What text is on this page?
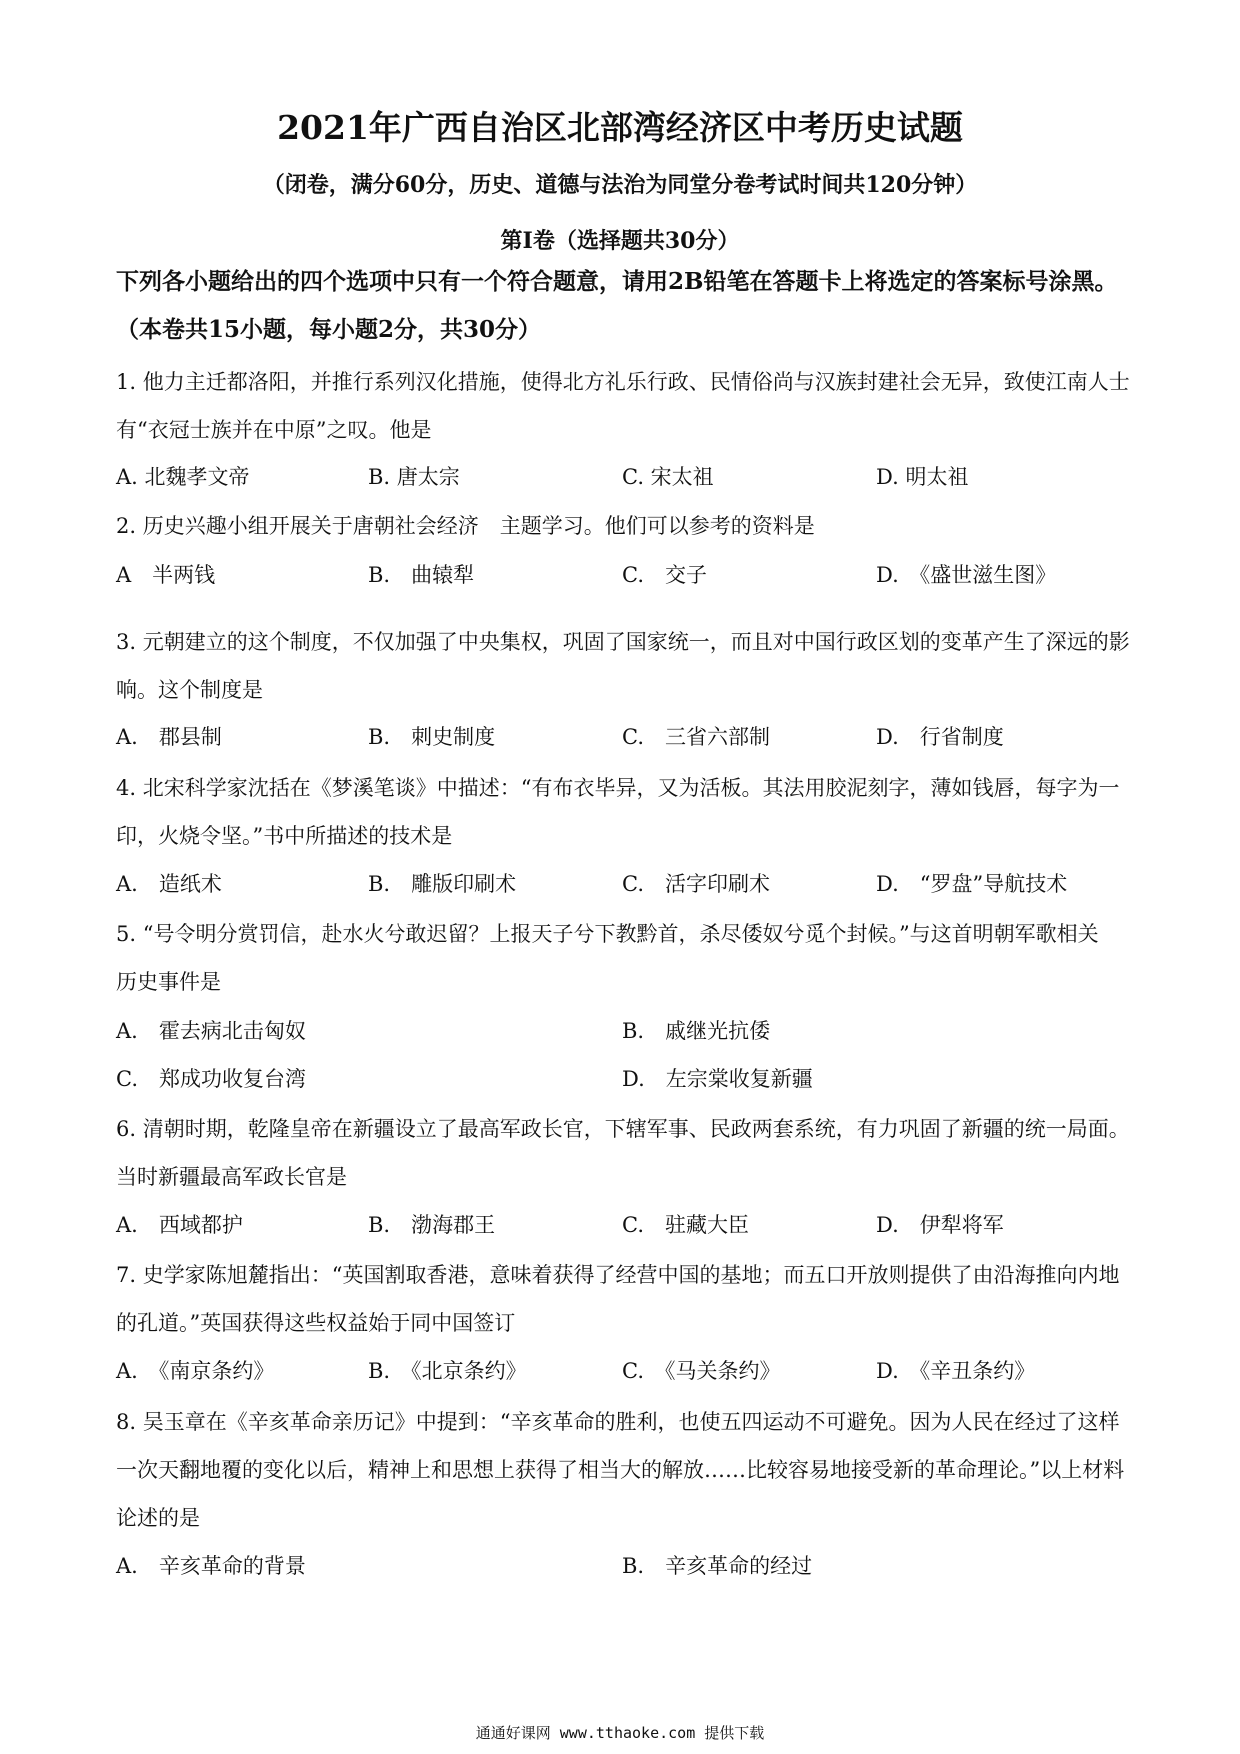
2021年广西自治区北部湾经济区中考历史试题
（闭卷，满分60分，历史、道德与法治为同堂分卷考试时间共120分钟）
第Ⅰ卷（选择题共30分）
下列各小题给出的四个选项中只有一个符合题意，请用2B铅笔在答题卡上将选定的答案标号涂黑。（本卷共15小题，每小题2分，共30分）
1. 他力主迁都洛阳，并推行系列汉化措施，使得北方礼乐行政、民情俗尚与汉族封建社会无异，致使江南人士有“衣冠士族并在中原”之叹。他是
A. 北魏孝文帝	B. 唐太宗	C. 宋太祖	D. 明太祖
2. 历史兴趣小组开展关于唐朝社会经济　主题学习。他们可以参考的资料是
A　半两钱	B.　曲辕犁	C.　交子	D.　《盛世滋生图》
3. 元朝建立的这个制度，不仅加强了中央集权，巩固了国家统一，而且对中国行政区划的变革产生了深远的影响。这个制度是
A.　郡县制	B.　刺史制度	C.　三省六部制	D.　行省制度
4. 北宋科学家沈括在《梦溪笔谈》中描述：“有布衣毕异，又为活板。其法用胶泥刻字，薄如钱唇，每字为一印，火烧令坚。”书中所描述的技术是
A.　造纸术	B.　雕版印刷术	C.　活字印刷术	D.　“罗盘”导航技术
5. “号令明分赏罚信，赴水火兮敢迟留？上报天子兮下教黔首，杀尽倭奴兮觅个封候。”与这首明朝军歌相关　历史事件是
A.　霍去病北击匈奴	B.　戚继光抗倭
C.　郑成功收复台湾	D.　左宗棠收复新疆
6. 清朝时期，乾隆皇帝在新疆设立了最高军政长官，下辖军事、民政两套系统，有力巩固了新疆的统一局面。当时新疆最高军政长官是
A.　西域都护	B.　渤海郡王	C.　驻藏大臣	D.　伊犁将军
7. 史学家陈旭麓指出：“英国割取香港，意味着获得了经营中国的基地；而五口开放则提供了由沿海推向内地的孔道。”英国获得这些权益始于同中国签订
A.　《南京条约》	B.　《北京条约》	C.　《马关条约》	D.　《辛丑条约》
8. 吴玉章在《辛亥革命亲历记》中提到：“辛亥革命的胜利，也使五四运动不可避免。因为人民在经过了这样一次天翻地覆的变化以后，精神上和思想上获得了相当大的解放……比较容易地接受新的革命理论。”以上材料论述的是
A.　辛亥革命的背景	B.　辛亥革命的经过
通通好课网 www.tthaoke.com 提供下载
